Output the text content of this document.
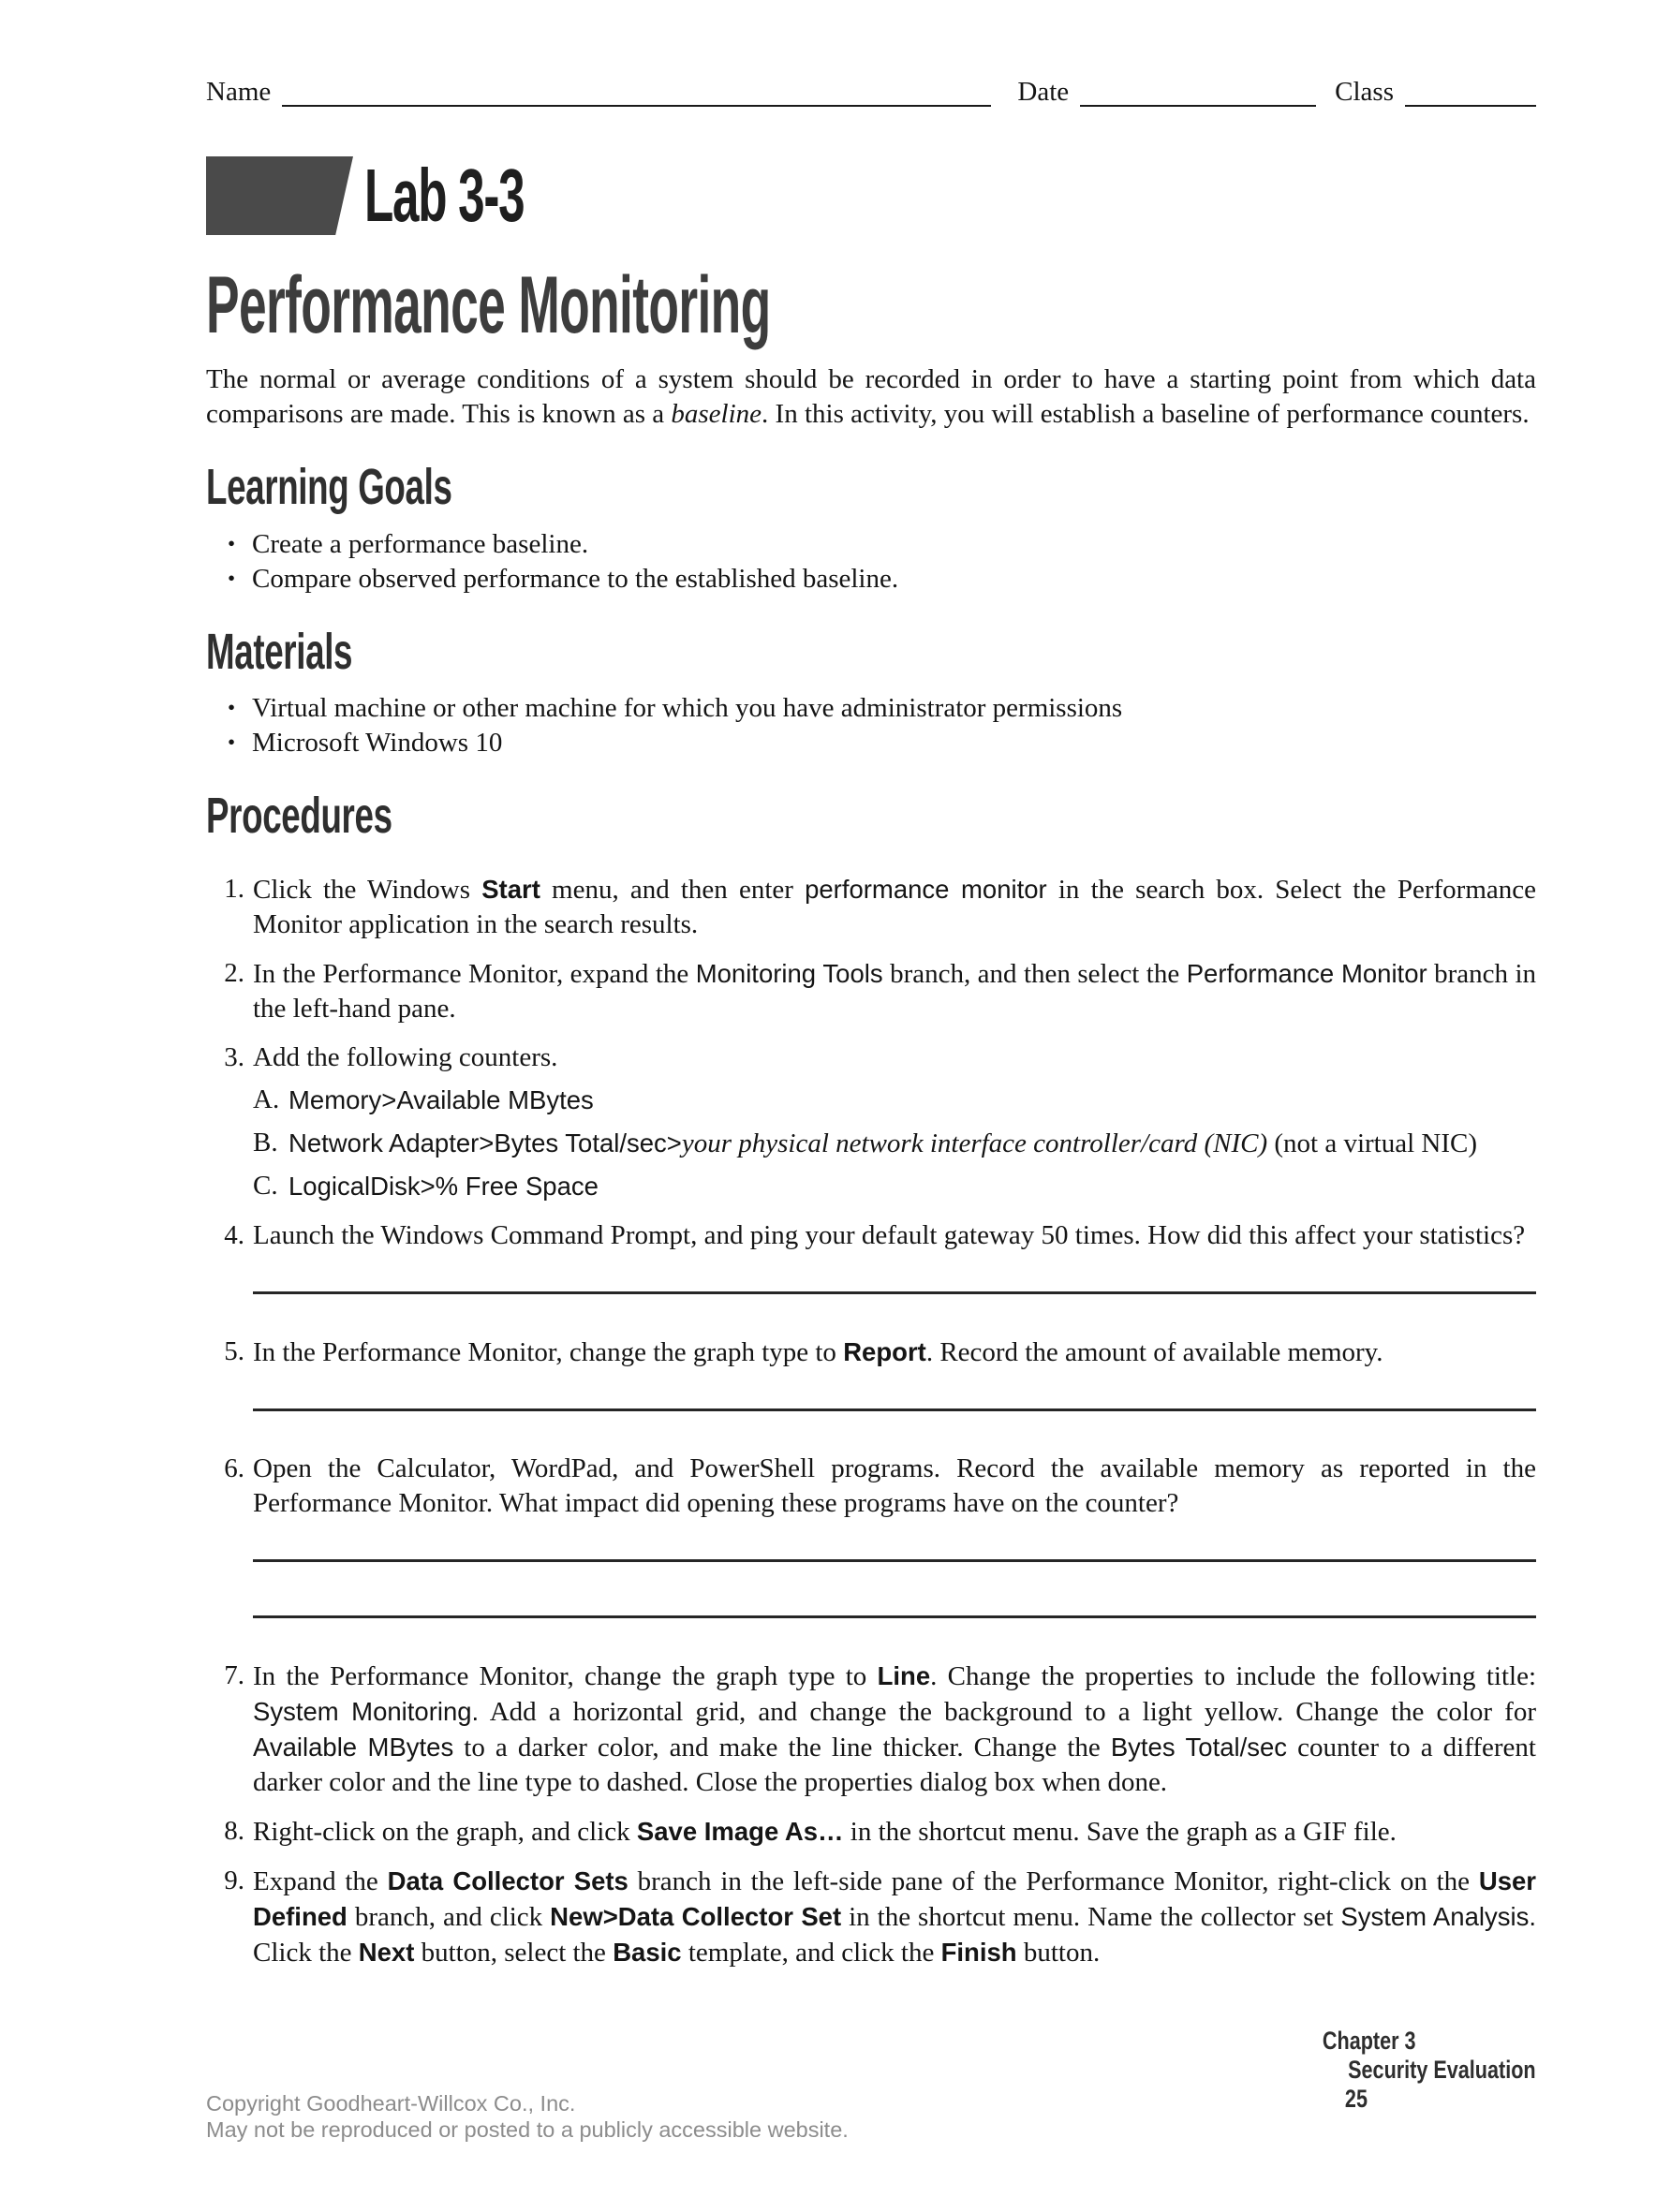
Name	Date	Class
Lab 3-3
Performance Monitoring

The normal or average conditions of a system should be recorded in order to have a starting point from which data comparisons are made. This is known as a baseline. In this activity, you will establish a baseline of performance counters.

Learning Goals
• Create a performance baseline.
• Compare observed performance to the established baseline.
Materials
• Virtual machine or other machine for which you have administrator permissions
• Microsoft Windows 10
Procedures
1. Click the Windows Start menu, and then enter performance monitor in the search box. Select the Performance Monitor application in the search results.
2. In the Performance Monitor, expand the Monitoring Tools branch, and then select the Performance Monitor branch in the left-hand pane.
3. Add the following counters.
A. Memory>Available MBytes
B. Network Adapter>Bytes Total/sec>your physical network interface controller/card (NIC) (not a virtual NIC)
C. LogicalDisk>% Free Space
4. Launch the Windows Command Prompt, and ping your default gateway 50 times. How did this affect your statistics?
5. In the Performance Monitor, change the graph type to Report. Record the amount of available memory.
6. Open the Calculator, WordPad, and PowerShell programs. Record the available memory as reported in the Performance Monitor. What impact did opening these programs have on the counter?
7. In the Performance Monitor, change the graph type to Line. Change the properties to include the following title: System Monitoring. Add a horizontal grid, and change the background to a light yellow. Change the color for Available MBytes to a darker color, and make the line thicker. Change the Bytes Total/sec counter to a different darker color and the line type to dashed. Close the properties dialog box when done.
8. Right-click on the graph, and click Save Image As… in the shortcut menu. Save the graph as a GIF file.
9. Expand the Data Collector Sets branch in the left-side pane of the Performance Monitor, right-click on the User Defined branch, and click New>Data Collector Set in the shortcut menu. Name the collector set System Analysis. Click the Next button, select the Basic template, and click the Finish button.
Copyright Goodheart-Willcox Co., Inc.
May not be reproduced or posted to a publicly accessible website.

Chapter 3
Security Evaluation
25
